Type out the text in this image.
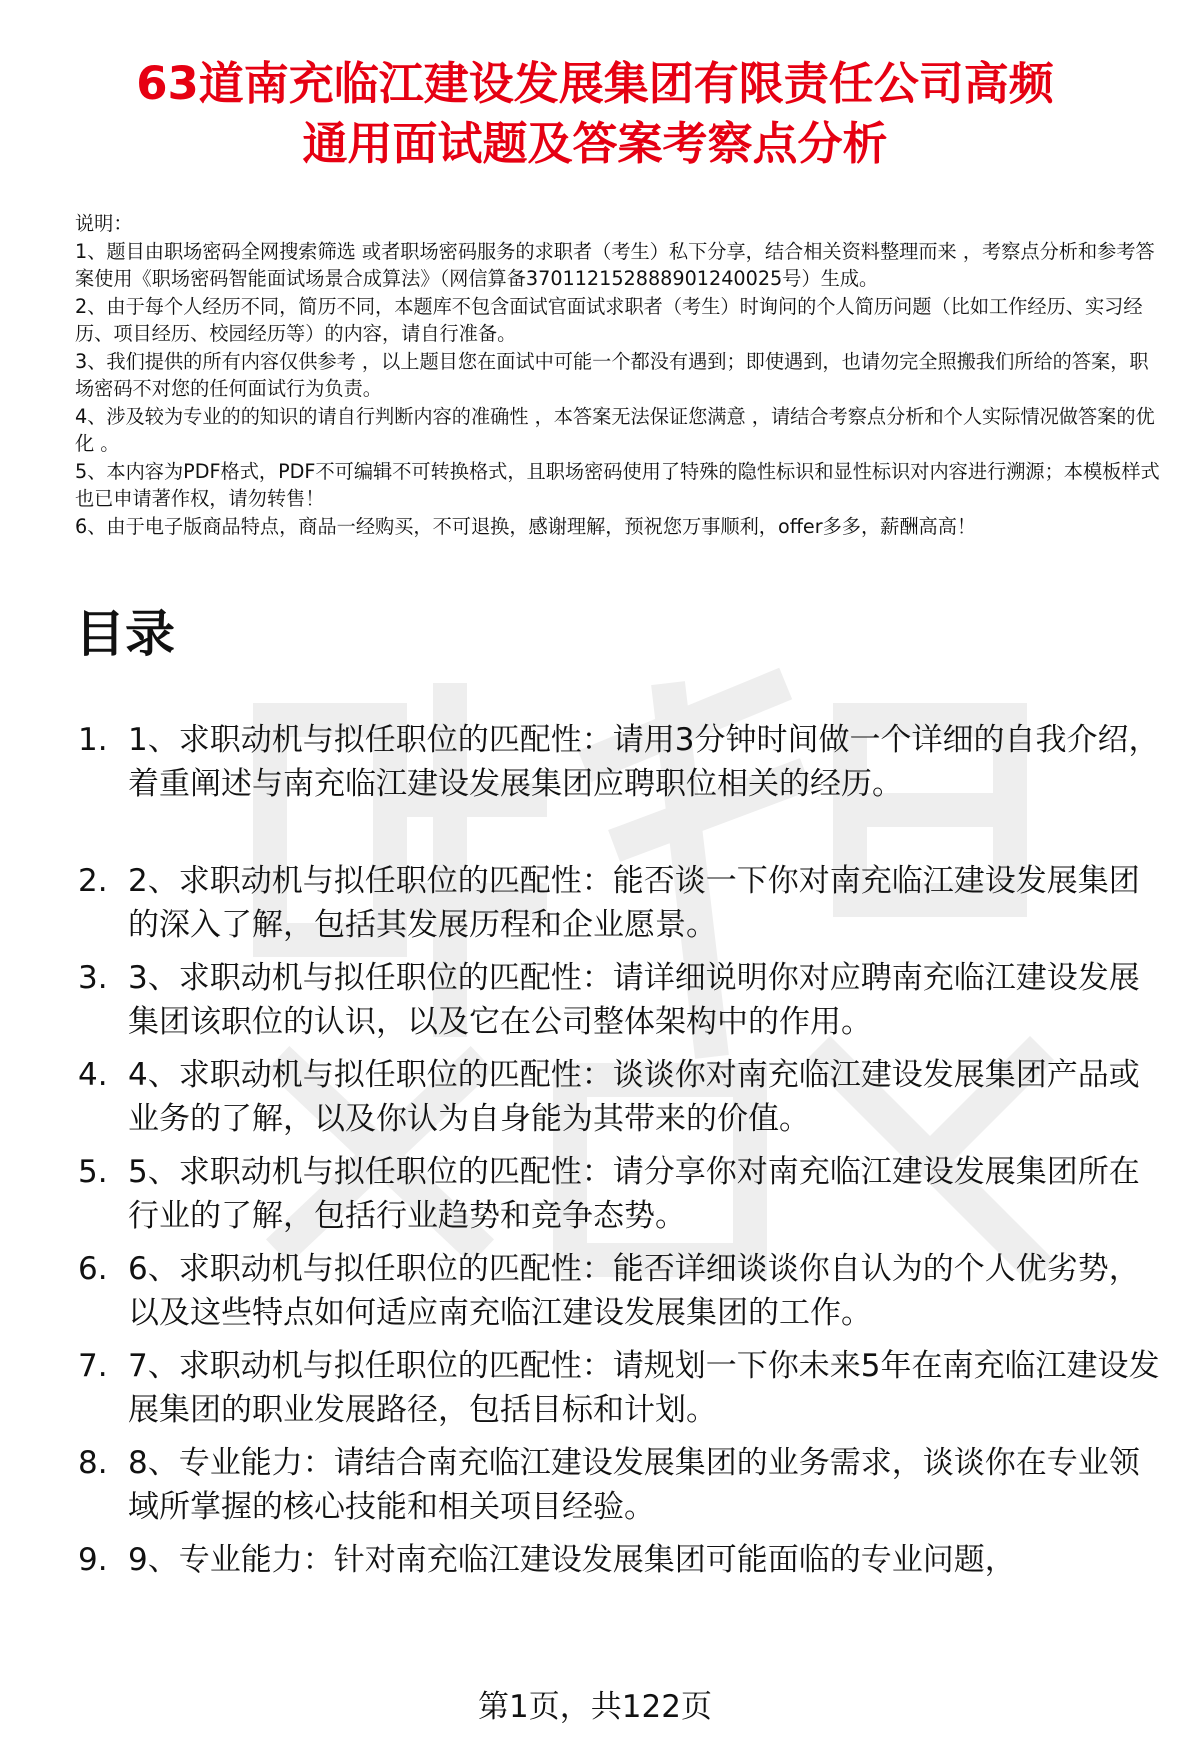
63道南充临江建设发展集团有限责任公司高频
通用面试题及答案考察点分析

说明：

1、题目由职场密码全网搜索筛选 或者职场密码服务的求职者（考生）私下分享，结合相关资料整理而来 ，考察点分析和参考答案使用《职场密码智能面试场景合成算法》（网信算备370112152888901240025号）生成。

2、由于每个人经历不同，简历不同，本题库不包含面试官面试求职者（考生）时询问的个人简历问题（比如工作经历、实习经历、项目经历、校园经历等）的内容，请自行准备。

3、我们提供的所有内容仅供参考 ，以上题目您在面试中可能一个都没有遇到；即使遇到，也请勿完全照搬我们所给的答案，职场密码不对您的任何面试行为负责。

4、涉及较为专业的的知识的请自行判断内容的准确性 ，本答案无法保证您满意 ，请结合考察点分析和个人实际情况做答案的优化 。

5、本内容为PDF格式，PDF不可编辑不可转换格式，且职场密码使用了特殊的隐性标识和显性标识对内容进行溯源；本模板样式也已申请著作权，请勿转售！

6、由于电子版商品特点，商品一经购买，不可退换，感谢理解，预祝您万事顺利，offer多多，薪酬高高！

目录
1. 1、求职动机与拟任职位的匹配性：请用3分钟时间做一个详细的自我介绍，着重阐述与南充临江建设发展集团应聘职位相关的经历。
2. 2、求职动机与拟任职位的匹配性：能否谈一下你对南充临江建设发展集团的深入了解，包括其发展历程和企业愿景。
3. 3、求职动机与拟任职位的匹配性：请详细说明你对应聘南充临江建设发展集团该职位的认识，以及它在公司整体架构中的作用。
4. 4、求职动机与拟任职位的匹配性：谈谈你对南充临江建设发展集团产品或业务的了解，以及你认为自身能为其带来的价值。
5. 5、求职动机与拟任职位的匹配性：请分享你对南充临江建设发展集团所在行业的了解，包括行业趋势和竞争态势。
6. 6、求职动机与拟任职位的匹配性：能否详细谈谈你自认为的个人优劣势，以及这些特点如何适应南充临江建设发展集团的工作。
7. 7、求职动机与拟任职位的匹配性：请规划一下你未来5年在南充临江建设发展集团的职业发展路径，包括目标和计划。
8. 8、专业能力：请结合南充临江建设发展集团的业务需求，谈谈你在专业领域所掌握的核心技能和相关项目经验。
9. 9、专业能力：针对南充临江建设发展集团可能面临的专业问题，
第1页，共122页
